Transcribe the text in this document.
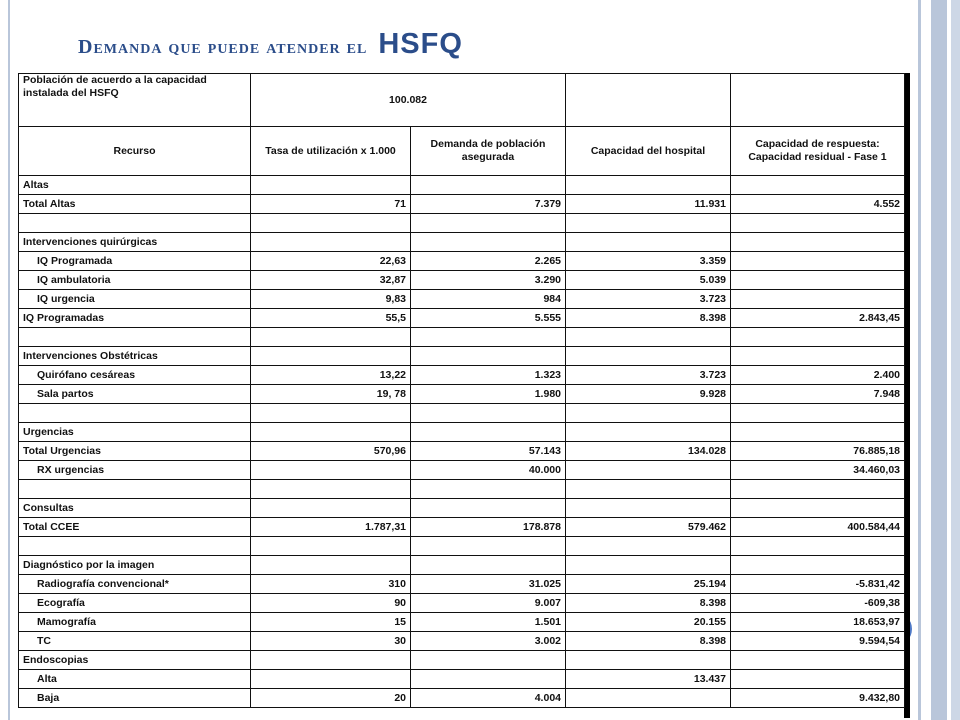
Demanda que puede atender el HSFQ
Población de acuerdo a la capacidad instalada del HSFQ	100.082			
Recurso	Tasa de utilización x 1.000	Demanda de población asegurada	Capacidad del hospital	Capacidad de respuesta: Capacidad residual - Fase 1
Altas				
Total Altas	71	7.379	11.931	4.552

Intervenciones quirúrgicas				
IQ Programada	22,63	2.265	3.359	
IQ ambulatoria	32,87	3.290	5.039	
IQ urgencia	9,83	984	3.723	
IQ Programadas	55,5	5.555	8.398	2.843,45

Intervenciones Obstétricas				
Quirófano cesáreas	13,22	1.323	3.723	2.400
Sala partos	19, 78	1.980	9.928	7.948

Urgencias				
Total Urgencias	570,96	57.143	134.028	76.885,18
RX urgencias		40.000		34.460,03

Consultas				
Total CCEE	1.787,31	178.878	579.462	400.584,44

Diagnóstico por la imagen				
Radiografía convencional*	310	31.025	25.194	-5.831,42
Ecografía	90	9.007	8.398	-609,38
Mamografía	15	1.501	20.155	18.653,97
TC	30	3.002	8.398	9.594,54
Endoscopias				
Alta			13.437	
Baja	20	4.004		9.432,80
